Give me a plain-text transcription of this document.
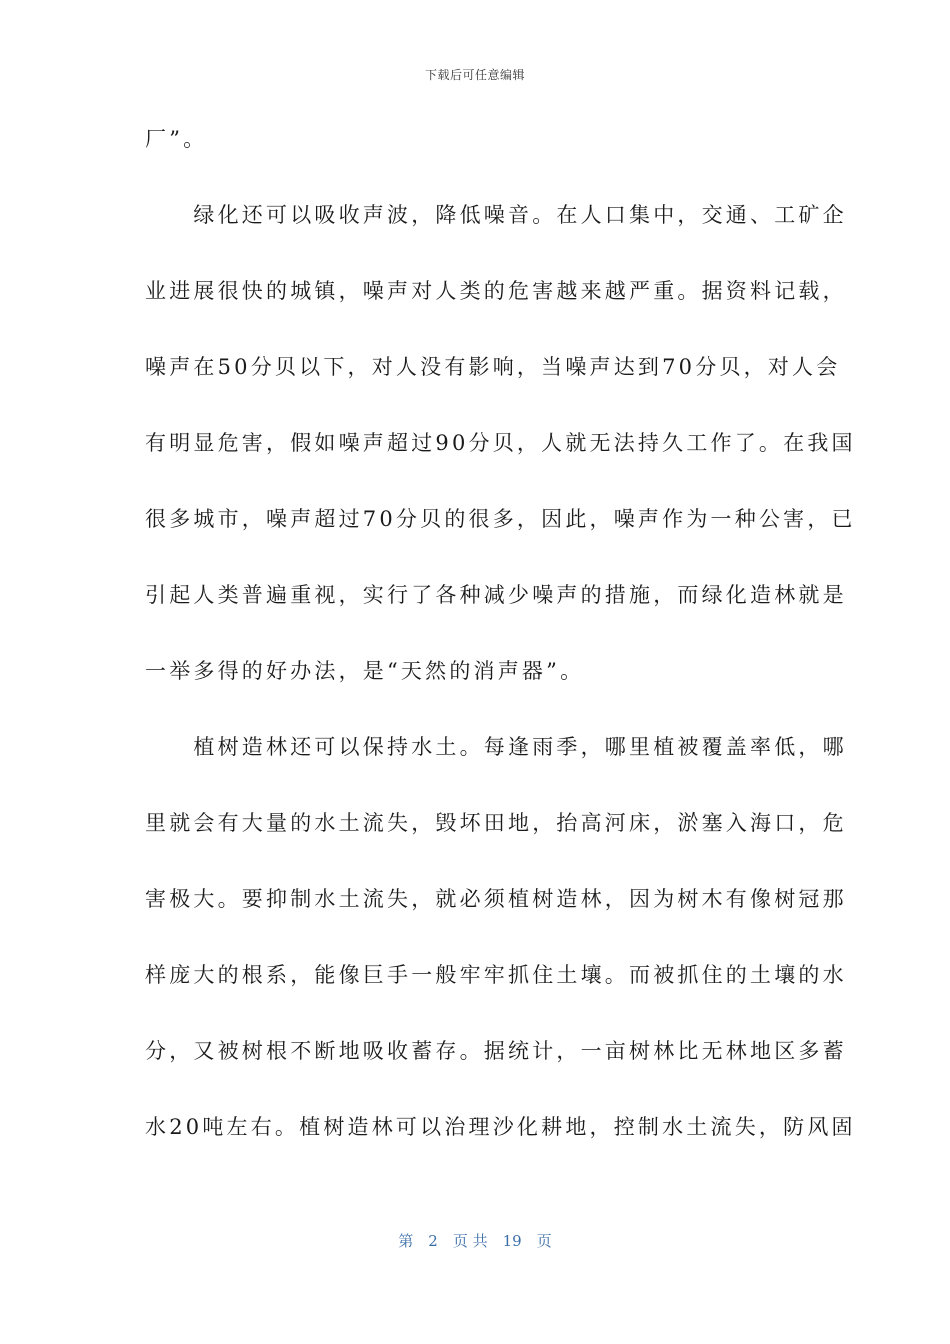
下载后可任意编辑
厂”。
　　绿化还可以吸收声波，降低噪音。在人口集中，交通、工矿企
业进展很快的城镇，噪声对人类的危害越来越严重。据资料记载，
噪声在50分贝以下，对人没有影响，当噪声达到70分贝，对人会
有明显危害，假如噪声超过90分贝，人就无法持久工作了。在我国
很多城市，噪声超过70分贝的很多，因此，噪声作为一种公害，已
引起人类普遍重视，实行了各种减少噪声的措施，而绿化造林就是
一举多得的好办法，是“天然的消声器”。
　　植树造林还可以保持水土。每逢雨季，哪里植被覆盖率低，哪
里就会有大量的水土流失，毁坏田地，抬高河床，淤塞入海口，危
害极大。要抑制水土流失，就必须植树造林，因为树木有像树冠那
样庞大的根系，能像巨手一般牢牢抓住土壤。而被抓住的土壤的水
分，又被树根不断地吸收蓄存。据统计，一亩树林比无林地区多蓄
水20吨左右。植树造林可以治理沙化耕地，控制水土流失，防风固
第　2　页 共　19　页
